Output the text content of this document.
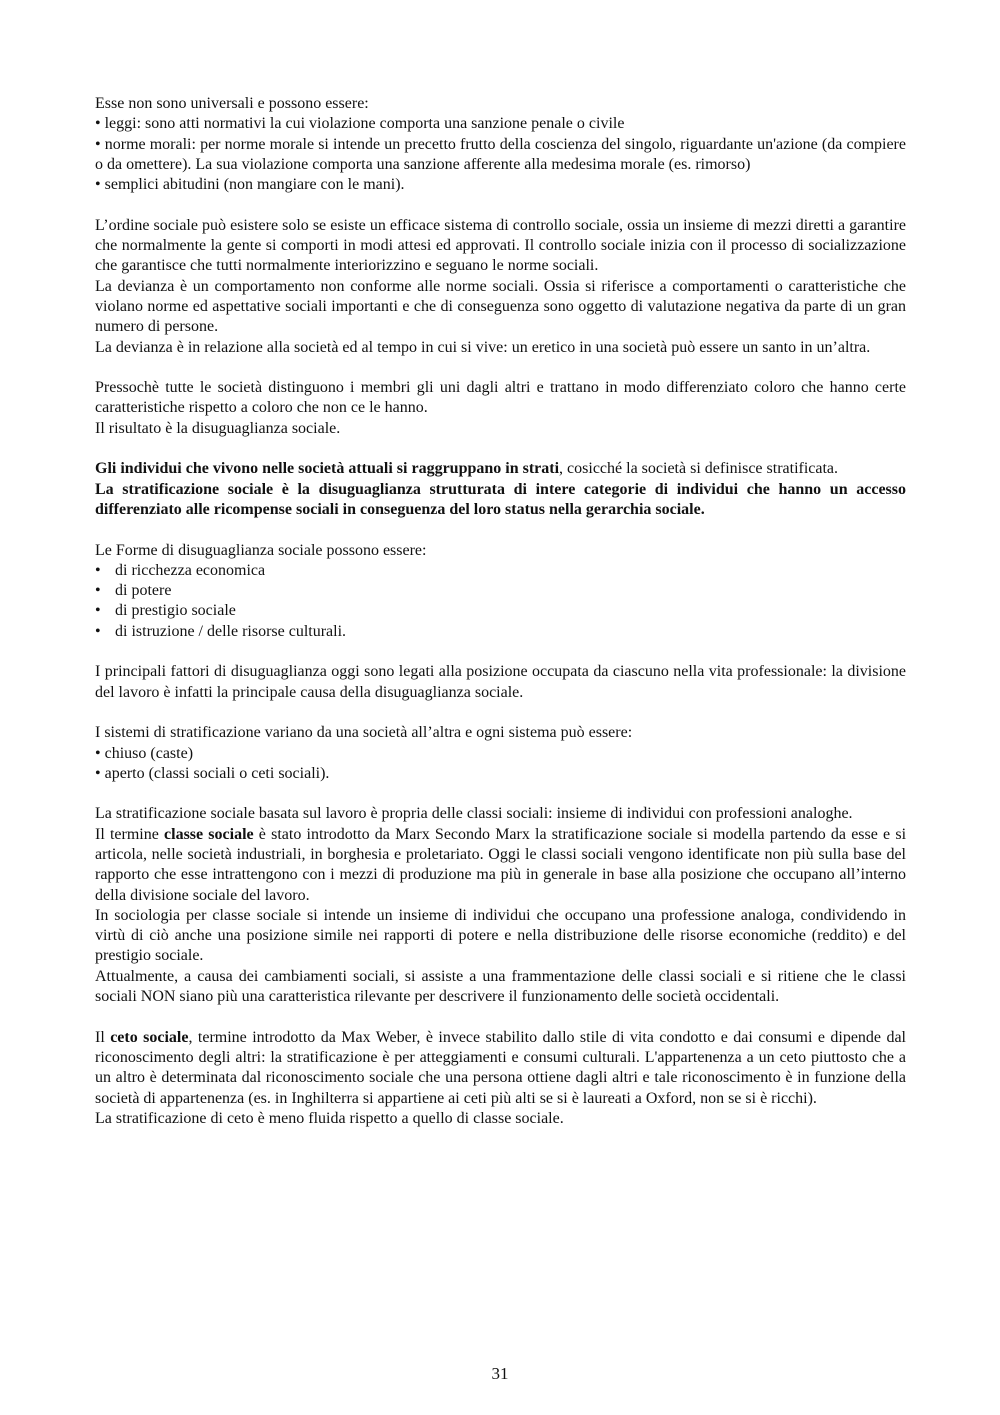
Esse non sono universali e possono essere:

• leggi: sono atti normativi la cui violazione comporta una sanzione penale o civile

• norme morali: per norme morale si intende un precetto frutto della coscienza del singolo, riguardante un'azione (da compiere o da omettere). La sua violazione comporta una sanzione afferente alla medesima morale (es. rimorso)

• semplici abitudini (non mangiare con le mani).

L’ordine sociale può esistere solo se esiste un efficace sistema di controllo sociale, ossia un insieme di mezzi diretti a garantire che normalmente la gente si comporti in modi attesi ed approvati. Il controllo sociale inizia con il processo di socializzazione che garantisce che tutti normalmente interiorizzino e seguano le norme sociali.

La devianza è un comportamento non conforme alle norme sociali. Ossia si riferisce a comportamenti o caratteristiche che violano norme ed aspettative sociali importanti e che di conseguenza sono oggetto di valutazione negativa da parte di un gran numero di persone.

La devianza è in relazione alla società ed al tempo in cui si vive: un eretico in una società può essere un santo in un’altra.

Pressochè tutte le società distinguono i membri gli uni dagli altri e trattano in modo differenziato coloro che hanno certe caratteristiche rispetto a coloro che non ce le hanno.

Il risultato è la disuguaglianza sociale.

Gli individui che vivono nelle società attuali si raggruppano in strati, cosicché la società si definisce stratificata.

La stratificazione sociale è la disuguaglianza strutturata di intere categorie di individui che hanno un accesso differenziato alle ricompense sociali in conseguenza del loro status nella gerarchia sociale.

Le Forme di disuguaglianza sociale possono essere:

• di ricchezza economica
• di potere
• di prestigio sociale
• di istruzione / delle risorse culturali.

I principali fattori di disuguaglianza oggi sono legati alla posizione occupata da ciascuno nella vita professionale: la divisione del lavoro è infatti la principale causa della disuguaglianza sociale.

I sistemi di stratificazione variano da una società all’altra e ogni sistema può essere:

• chiuso (caste)

• aperto (classi sociali o ceti sociali).

La stratificazione sociale basata sul lavoro è propria delle classi sociali: insieme di individui con professioni analoghe.

Il termine classe sociale è stato introdotto da Marx Secondo Marx la stratificazione sociale si modella partendo da esse e si articola, nelle società industriali, in borghesia e proletariato. Oggi le classi sociali vengono identificate non più sulla base del rapporto che esse intrattengono con i mezzi di produzione ma più in generale in base alla posizione che occupano all’interno della divisione sociale del lavoro.

In sociologia per classe sociale si intende un insieme di individui che occupano una professione analoga, condividendo in virtù di ciò anche una posizione simile nei rapporti di potere e nella distribuzione delle risorse economiche (reddito) e del prestigio sociale.

Attualmente, a causa dei cambiamenti sociali, si assiste a una frammentazione delle classi sociali e si ritiene che le classi sociali NON siano più una caratteristica rilevante per descrivere il funzionamento delle società occidentali.

Il ceto sociale, termine introdotto da Max Weber, è invece stabilito dallo stile di vita condotto e dai consumi e dipende dal riconoscimento degli altri: la stratificazione è per atteggiamenti e consumi culturali. L'appartenenza a un ceto piuttosto che a un altro è determinata dal riconoscimento sociale che una persona ottiene dagli altri e tale riconoscimento è in funzione della società di appartenenza (es. in Inghilterra si appartiene ai ceti più alti se si è laureati a Oxford, non se si è ricchi).

La stratificazione di ceto è meno fluida rispetto a quello di classe sociale.

31
